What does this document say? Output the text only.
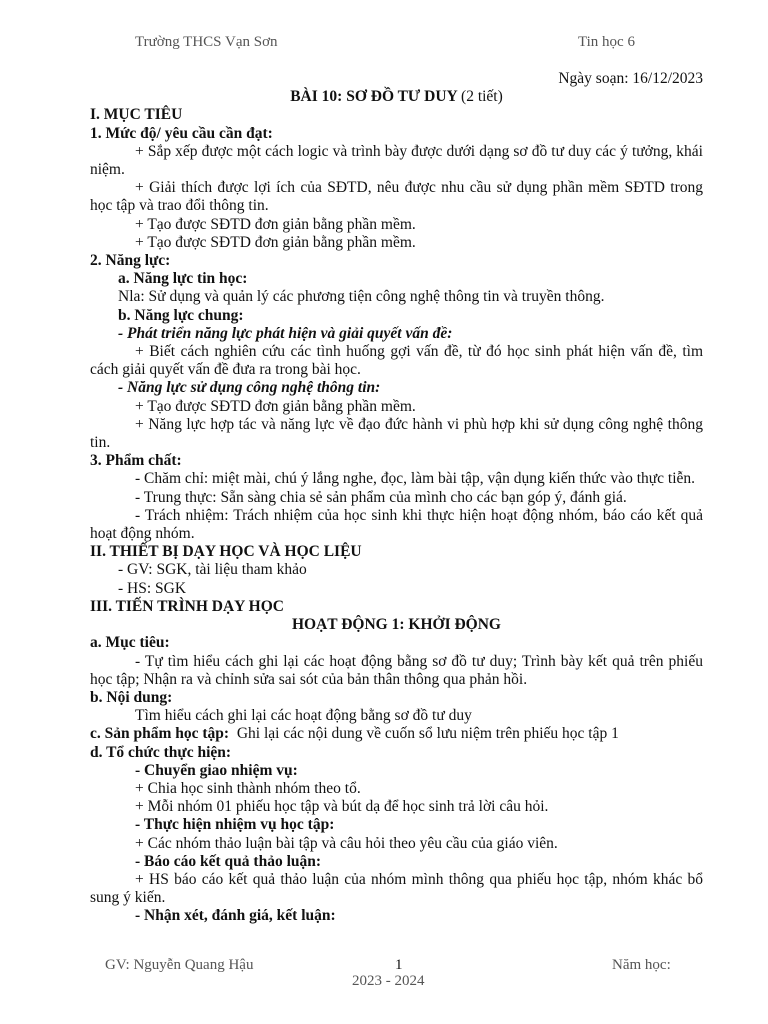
Trường THCS Vạn Sơn	Tin học 6
Ngày soạn: 16/12/2023
BÀI 10: SƠ ĐỒ TƯ DUY (2 tiết)
I. MỤC TIÊU
1. Mức độ/ yêu cầu cần đạt:
+ Sắp xếp được một cách logic và trình bày được dưới dạng sơ đồ tư duy các ý tưởng, khái niệm.
+ Giải thích được lợi ích của SĐTD, nêu được nhu cầu sử dụng phần mềm SĐTD trong học tập và trao đổi thông tin.
+ Tạo được SĐTD đơn giản bằng phần mềm.
+ Tạo được SĐTD đơn giản bằng phần mềm.
2. Năng lực:
a. Năng lực tin học:
Nla: Sử dụng và quản lý các phương tiện công nghệ thông tin và truyền thông.
b. Năng lực chung:
- Phát triển năng lực phát hiện và giải quyết vấn đề:
+ Biết cách nghiên cứu các tình huống gợi vấn đề, từ đó học sinh phát hiện vấn đề, tìm cách giải quyết vấn đề đưa ra trong bài học.
- Năng lực sử dụng công nghệ thông tin:
+ Tạo được SĐTD đơn giản bằng phần mềm.
+ Năng lực hợp tác và năng lực về đạo đức hành vi phù hợp khi sử dụng công nghệ thông tin.
3. Phẩm chất:
- Chăm chỉ: miệt mài, chú ý lắng nghe, đọc, làm bài tập, vận dụng kiến thức vào thực tiễn.
- Trung thực: Sẵn sàng chia sẻ sản phẩm của mình cho các bạn góp ý, đánh giá.
- Trách nhiệm: Trách nhiệm của học sinh khi thực hiện hoạt động nhóm, báo cáo kết quả hoạt động nhóm.
II. THIẾT BỊ DẠY HỌC VÀ HỌC LIỆU
- GV: SGK, tài liệu tham khảo
- HS: SGK
III. TIẾN TRÌNH DẠY HỌC
HOẠT ĐỘNG 1: KHỞI ĐỘNG
a. Mục tiêu:
- Tự tìm hiểu cách ghi lại các hoạt động bằng sơ đồ tư duy; Trình bày kết quả trên phiếu học tập; Nhận ra và chỉnh sửa sai sót của bản thân thông qua phản hồi.
b. Nội dung:
Tìm hiểu cách ghi lại các hoạt động bằng sơ đồ tư duy
c. Sản phẩm học tập:  Ghi lại các nội dung về cuốn sổ lưu niệm trên phiếu học tập 1
d. Tổ chức thực hiện:
- Chuyển giao nhiệm vụ:
+ Chia học sinh thành nhóm theo tổ.
+ Mỗi nhóm 01 phiếu học tập và bút dạ để học sinh trả lời câu hỏi.
- Thực hiện nhiệm vụ học tập:
+ Các nhóm thảo luận bài tập và câu hỏi theo yêu cầu của giáo viên.
- Báo cáo kết quả thảo luận:
+ HS báo cáo kết quả thảo luận của nhóm mình thông qua phiếu học tập, nhóm khác bổ sung ý kiến.
- Nhận xét, đánh giá, kết luận:
GV: Nguyễn Quang Hậu	1	Năm học:
2023 - 2024
